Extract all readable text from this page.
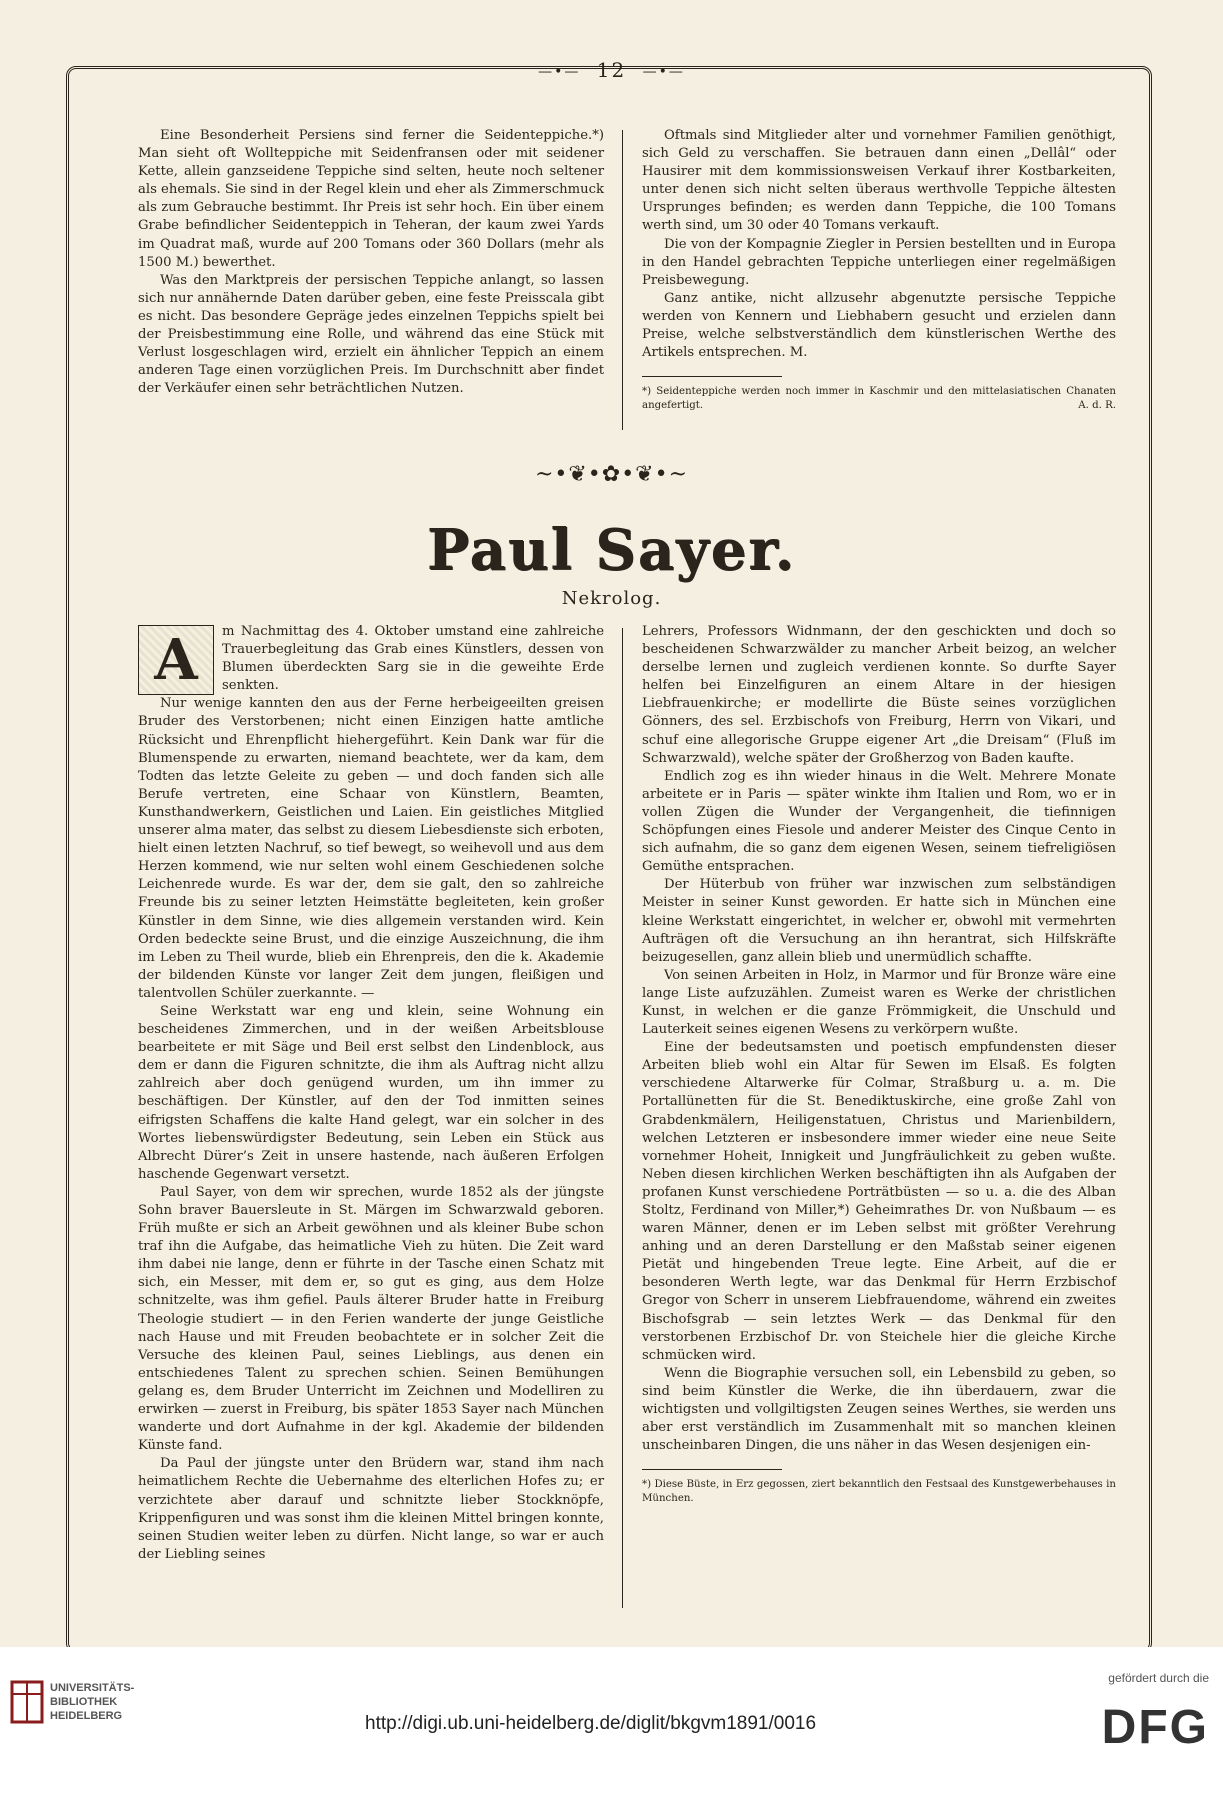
—•— 12 —•—

Eine Besonderheit Persiens sind ferner die Seidenteppiche.*) Man sieht oft Wollteppiche mit Seidenfransen oder mit seidener Kette, allein ganzseidene Teppiche sind selten, heute noch seltener als ehemals. Sie sind in der Regel klein und eher als Zimmerschmuck als zum Gebrauche bestimmt. Ihr Preis ist sehr hoch. Ein über einem Grabe befindlicher Seidenteppich in Teheran, der kaum zwei Yards im Quadrat maß, wurde auf 200 Tomans oder 360 Dollars (mehr als 1500 M.) bewerthet.

Was den Marktpreis der persischen Teppiche anlangt, so lassen sich nur annähernde Daten darüber geben, eine feste Preisscala gibt es nicht. Das besondere Gepräge jedes einzelnen Teppichs spielt bei der Preisbestimmung eine Rolle, und während das eine Stück mit Verlust losgeschlagen wird, erzielt ein ähnlicher Teppich an einem anderen Tage einen vorzüglichen Preis. Im Durchschnitt aber findet der Verkäufer einen sehr beträchtlichen Nutzen.

Oftmals sind Mitglieder alter und vornehmer Familien genöthigt, sich Geld zu verschaffen. Sie betrauen dann einen „Dellâl“ oder Hausirer mit dem kommissionsweisen Verkauf ihrer Kostbarkeiten, unter denen sich nicht selten überaus werthvolle Teppiche ältesten Ursprunges befinden; es werden dann Teppiche, die 100 Tomans werth sind, um 30 oder 40 Tomans verkauft.

Die von der Kompagnie Ziegler in Persien bestellten und in Europa in den Handel gebrachten Teppiche unterliegen einer regelmäßigen Preisbewegung.

Ganz antike, nicht allzusehr abgenutzte persische Teppiche werden von Kennern und Liebhabern gesucht und erzielen dann Preise, welche selbstverständlich dem künstlerischen Werthe des Artikels entsprechen. M.

*) Seidenteppiche werden noch immer in Kaschmir und den mittelasiatischen Chanaten angefertigt.	A. d. R.
~•❦•✿•❦•~
Paul Sayer.
Nekrolog.
A	m Nachmittag des 4. Oktober umstand eine zahlreiche Trauerbegleitung das Grab eines Künstlers, dessen von Blumen überdeckten Sarg sie in die geweihte Erde senkten.

Nur wenige kannten den aus der Ferne herbeigeeilten greisen Bruder des Verstorbenen; nicht einen Einzigen hatte amtliche Rücksicht und Ehrenpflicht hiehergeführt. Kein Dank war für die Blumenspende zu erwarten, niemand beachtete, wer da kam, dem Todten das letzte Geleite zu geben — und doch fanden sich alle Berufe vertreten, eine Schaar von Künstlern, Beamten, Kunsthandwerkern, Geistlichen und Laien. Ein geistliches Mitglied unserer alma mater, das selbst zu diesem Liebesdienste sich erboten, hielt einen letzten Nachruf, so tief bewegt, so weihevoll und aus dem Herzen kommend, wie nur selten wohl einem Geschiedenen solche Leichenrede wurde. Es war der, dem sie galt, den so zahlreiche Freunde bis zu seiner letzten Heimstätte begleiteten, kein großer Künstler in dem Sinne, wie dies allgemein verstanden wird. Kein Orden bedeckte seine Brust, und die einzige Auszeichnung, die ihm im Leben zu Theil wurde, blieb ein Ehrenpreis, den die k. Akademie der bildenden Künste vor langer Zeit dem jungen, fleißigen und talentvollen Schüler zuerkannte. —

Seine Werkstatt war eng und klein, seine Wohnung ein bescheidenes Zimmerchen, und in der weißen Arbeitsblouse bearbeitete er mit Säge und Beil erst selbst den Lindenblock, aus dem er dann die Figuren schnitzte, die ihm als Auftrag nicht allzu zahlreich aber doch genügend wurden, um ihn immer zu beschäftigen. Der Künstler, auf den der Tod inmitten seines eifrigsten Schaffens die kalte Hand gelegt, war ein solcher in des Wortes liebenswürdigster Bedeutung, sein Leben ein Stück aus Albrecht Dürer’s Zeit in unsere hastende, nach äußeren Erfolgen haschende Gegenwart versetzt.

Paul Sayer, von dem wir sprechen, wurde 1852 als der jüngste Sohn braver Bauersleute in St. Märgen im Schwarzwald geboren. Früh mußte er sich an Arbeit gewöhnen und als kleiner Bube schon traf ihn die Aufgabe, das heimatliche Vieh zu hüten. Die Zeit ward ihm dabei nie lange, denn er führte in der Tasche einen Schatz mit sich, ein Messer, mit dem er, so gut es ging, aus dem Holze schnitzelte, was ihm gefiel. Pauls älterer Bruder hatte in Freiburg Theologie studiert — in den Ferien wanderte der junge Geistliche nach Hause und mit Freuden beobachtete er in solcher Zeit die Versuche des kleinen Paul, seines Lieblings, aus denen ein entschiedenes Talent zu sprechen schien. Seinen Bemühungen gelang es, dem Bruder Unterricht im Zeichnen und Modelliren zu erwirken — zuerst in Freiburg, bis später 1853 Sayer nach München wanderte und dort Aufnahme in der kgl. Akademie der bildenden Künste fand.

Da Paul der jüngste unter den Brüdern war, stand ihm nach heimatlichem Rechte die Uebernahme des elterlichen Hofes zu; er verzichtete aber darauf und schnitzte lieber Stockknöpfe, Krippenfiguren und was sonst ihm die kleinen Mittel bringen konnte, seinen Studien weiter leben zu dürfen. Nicht lange, so war er auch der Liebling seines

Lehrers, Professors Widnmann, der den geschickten und doch so bescheidenen Schwarzwälder zu mancher Arbeit beizog, an welcher derselbe lernen und zugleich verdienen konnte. So durfte Sayer helfen bei Einzelfiguren an einem Altare in der hiesigen Liebfrauenkirche; er modellirte die Büste seines vorzüglichen Gönners, des sel. Erzbischofs von Freiburg, Herrn von Vikari, und schuf eine allegorische Gruppe eigener Art „die Dreisam“ (Fluß im Schwarzwald), welche später der Großherzog von Baden kaufte.

Endlich zog es ihn wieder hinaus in die Welt. Mehrere Monate arbeitete er in Paris — später winkte ihm Italien und Rom, wo er in vollen Zügen die Wunder der Vergangenheit, die tiefinnigen Schöpfungen eines Fiesole und anderer Meister des Cinque Cento in sich aufnahm, die so ganz dem eigenen Wesen, seinem tiefreligiösen Gemüthe entsprachen.

Der Hüterbub von früher war inzwischen zum selbständigen Meister in seiner Kunst geworden. Er hatte sich in München eine kleine Werkstatt eingerichtet, in welcher er, obwohl mit vermehrten Aufträgen oft die Versuchung an ihn herantrat, sich Hilfskräfte beizugesellen, ganz allein blieb und unermüdlich schaffte.

Von seinen Arbeiten in Holz, in Marmor und für Bronze wäre eine lange Liste aufzuzählen. Zumeist waren es Werke der christlichen Kunst, in welchen er die ganze Frömmigkeit, die Unschuld und Lauterkeit seines eigenen Wesens zu verkörpern wußte.

Eine der bedeutsamsten und poetisch empfundensten dieser Arbeiten blieb wohl ein Altar für Sewen im Elsaß. Es folgten verschiedene Altarwerke für Colmar, Straßburg u. a. m. Die Portallünetten für die St. Benediktuskirche, eine große Zahl von Grabdenkmälern, Heiligenstatuen, Christus und Marienbildern, welchen Letzteren er insbesondere immer wieder eine neue Seite vornehmer Hoheit, Innigkeit und Jungfräulichkeit zu geben wußte. Neben diesen kirchlichen Werken beschäftigten ihn als Aufgaben der profanen Kunst verschiedene Porträtbüsten — so u. a. die des Alban Stoltz, Ferdinand von Miller,*) Geheimrathes Dr. von Nußbaum — es waren Männer, denen er im Leben selbst mit größter Verehrung anhing und an deren Darstellung er den Maßstab seiner eigenen Pietät und hingebenden Treue legte. Eine Arbeit, auf die er besonderen Werth legte, war das Denkmal für Herrn Erzbischof Gregor von Scherr in unserem Liebfrauendome, während ein zweites Bischofsgrab — sein letztes Werk — das Denkmal für den verstorbenen Erzbischof Dr. von Steichele hier die gleiche Kirche schmücken wird.

Wenn die Biographie versuchen soll, ein Lebensbild zu geben, so sind beim Künstler die Werke, die ihn überdauern, zwar die wichtigsten und vollgiltigsten Zeugen seines Werthes, sie werden uns aber erst verständlich im Zusammenhalt mit so manchen kleinen unscheinbaren Dingen, die uns näher in das Wesen desjenigen ein-

*) Diese Büste, in Erz gegossen, ziert bekanntlich den Festsaal des Kunstgewerbehauses in München.
UNIVERSITÄTS-
BIBLIOTHEK
HEIDELBERG	http://digi.ub.uni-heidelberg.de/diglit/bkgvm1891/0016
gefördert durch die
DFG
